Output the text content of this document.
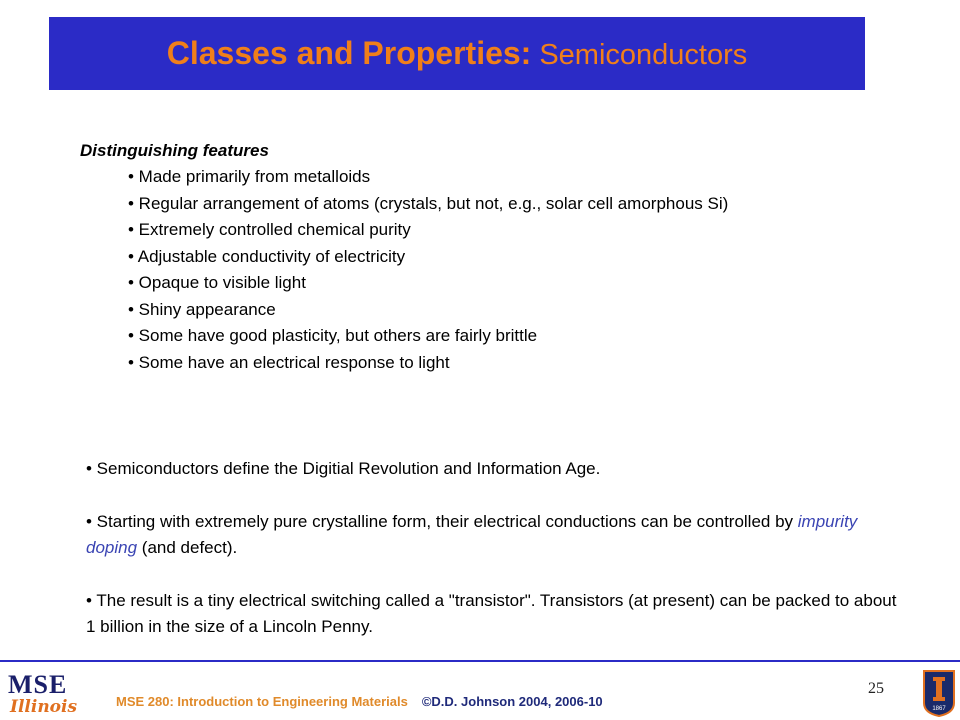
Classes and Properties: Semiconductors
Distinguishing features
• Made primarily from metalloids
• Regular arrangement of atoms (crystals, but not, e.g., solar cell amorphous Si)
• Extremely controlled chemical purity
• Adjustable conductivity of electricity
• Opaque to visible light
• Shiny appearance
• Some have good plasticity, but others are fairly brittle
• Some have an electrical response to light

• Semiconductors define the Digitial Revolution and Information Age.

• Starting with extremely pure crystalline form, their electrical conductions can be controlled by impurity doping (and defect).

• The result is a tiny electrical switching called a "transistor". Transistors (at present) can be packed to about 1 billion in the size of a Lincoln Penny.

MSE
Illinois	MSE 280: Introduction to Engineering Materials ©D.D. Johnson 2004, 2006-10
25
1867
